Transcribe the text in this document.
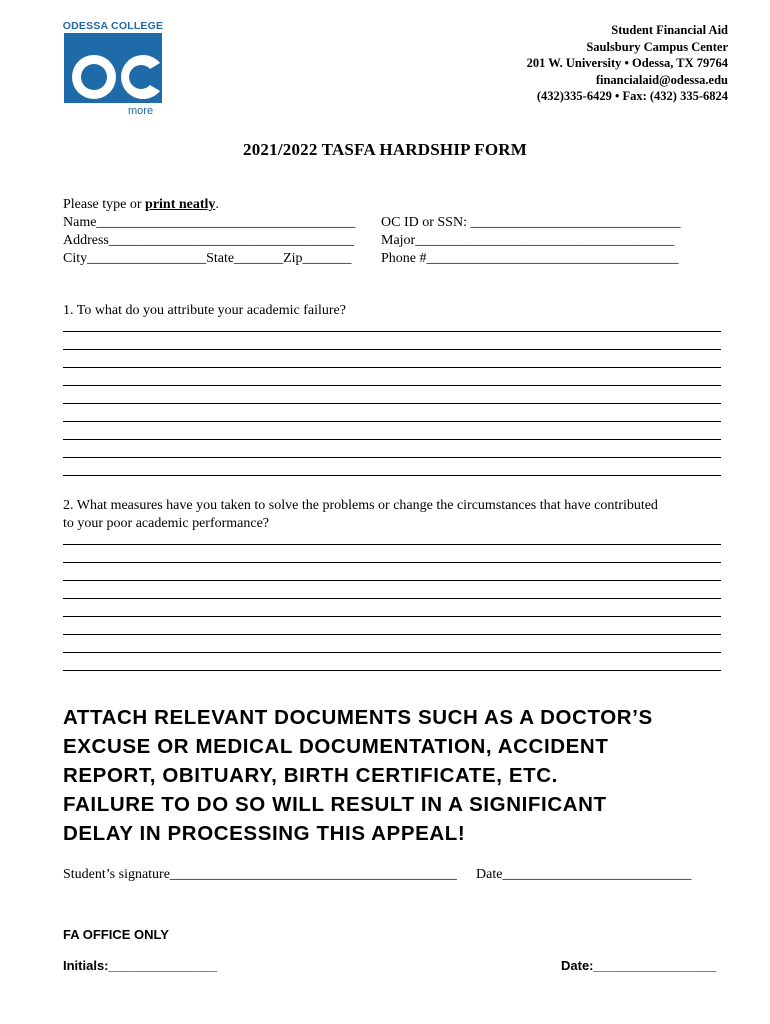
ODESSA COLLEGE
more
Student Financial Aid
Saulsbury Campus Center
201 W. University • Odessa, TX 79764
financialaid@odessa.edu
(432)335-6429 • Fax: (432) 335-6824
2021/2022 TASFA HARDSHIP FORM
Please type or print neatly.
Name_____________________________________
Address___________________________________
City_________________State_______Zip_______
OC ID or SSN: ______________________________
Major_____________________________________
Phone #____________________________________
1. To what do you attribute your academic failure?
2. What measures have you taken to solve the problems or change the circumstances that have contributed
to your poor academic performance?
ATTACH RELEVANT DOCUMENTS SUCH AS A DOCTOR’S
EXCUSE OR MEDICAL DOCUMENTATION, ACCIDENT
REPORT, OBITUARY, BIRTH CERTIFICATE, ETC.
FAILURE TO DO SO WILL RESULT IN A SIGNIFICANT
DELAY IN PROCESSING THIS APPEAL!
Student’s signature_________________________________________ Date___________________________
FA OFFICE ONLY
Initials:_______________	Date:_________________
